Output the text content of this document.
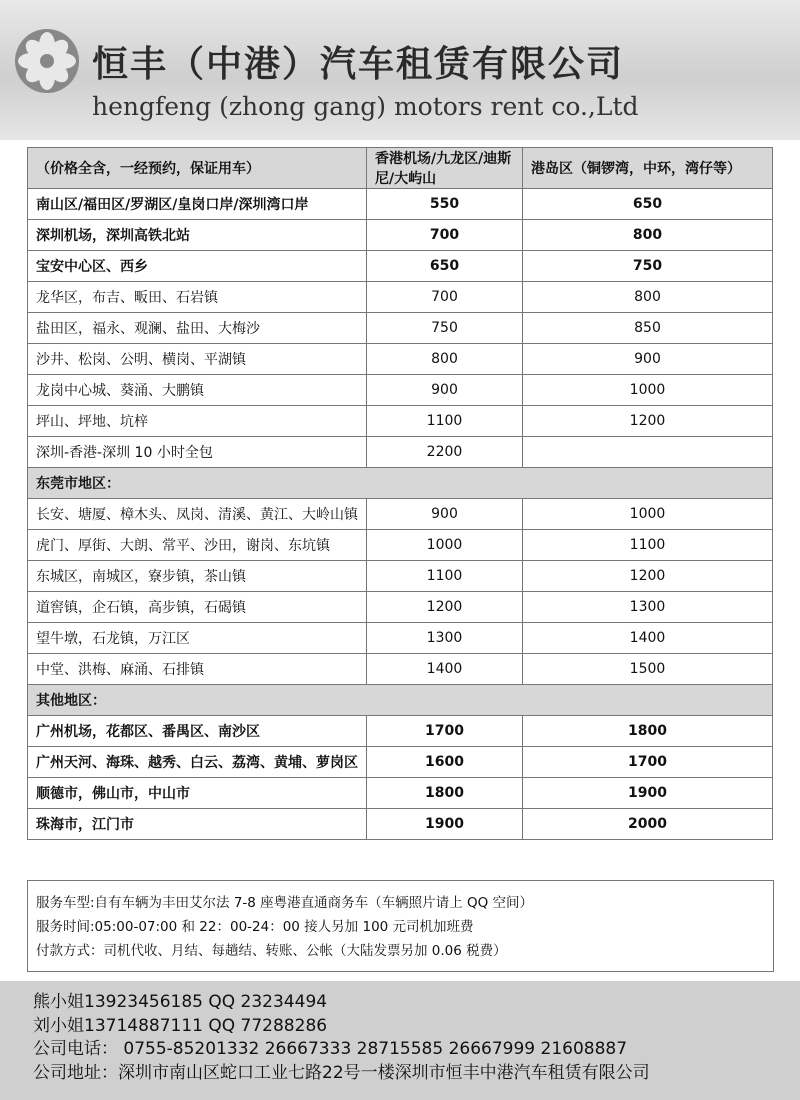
恒丰（中港）汽车租赁有限公司
hengfeng (zhong gang) motors rent co.,Ltd
（价格全含，一经预约，保证用车）	香港机场/九龙区/迪斯尼/大屿山	港岛区（铜锣湾，中环，湾仔等）
南山区/福田区/罗湖区/皇岗口岸/深圳湾口岸	550	650
深圳机场，深圳高铁北站	700	800
宝安中心区、西乡	650	750
龙华区，布吉、畈田、石岩镇	700	800
盐田区，福永、观澜、盐田、大梅沙	750	850
沙井、松岗、公明、横岗、平湖镇	800	900
龙岗中心城、葵涌、大鹏镇	900	1000
坪山、坪地、坑梓	1100	1200
深圳-香港-深圳 10 小时全包	2200	
东莞市地区：		
长安、塘厦、樟木头、凤岗、清溪、黄江、大岭山镇	900	1000
虎门、厚街、大朗、常平、沙田，谢岗、东坑镇	1000	1100
东城区，南城区，寮步镇，茶山镇	1100	1200
道窖镇，企石镇，高步镇，石碣镇	1200	1300
望牛墩，石龙镇，万江区	1300	1400
中堂、洪梅、麻涌、石排镇	1400	1500
其他地区：		
广州机场，花都区、番禺区、南沙区	1700	1800
广州天河、海珠、越秀、白云、荔湾、黄埔、萝岗区	1600	1700
顺德市，佛山市，中山市	1800	1900
珠海市，江门市	1900	2000
服务车型:自有车辆为丰田艾尔法 7-8 座粤港直通商务车（车辆照片请上 QQ 空间）
服务时间:05:00-07:00 和 22：00-24：00 接人另加 100 元司机加班费
付款方式：司机代收、月结、每趟结、转账、公帐（大陆发票另加 0.06 税费）
熊小姐13923456185 QQ 23234494
刘小姐13714887111 QQ 77288286
公司电话： 0755-85201332 26667333 28715585 26667999 21608887
公司地址：深圳市南山区蛇口工业七路22号一楼深圳市恒丰中港汽车租赁有限公司
